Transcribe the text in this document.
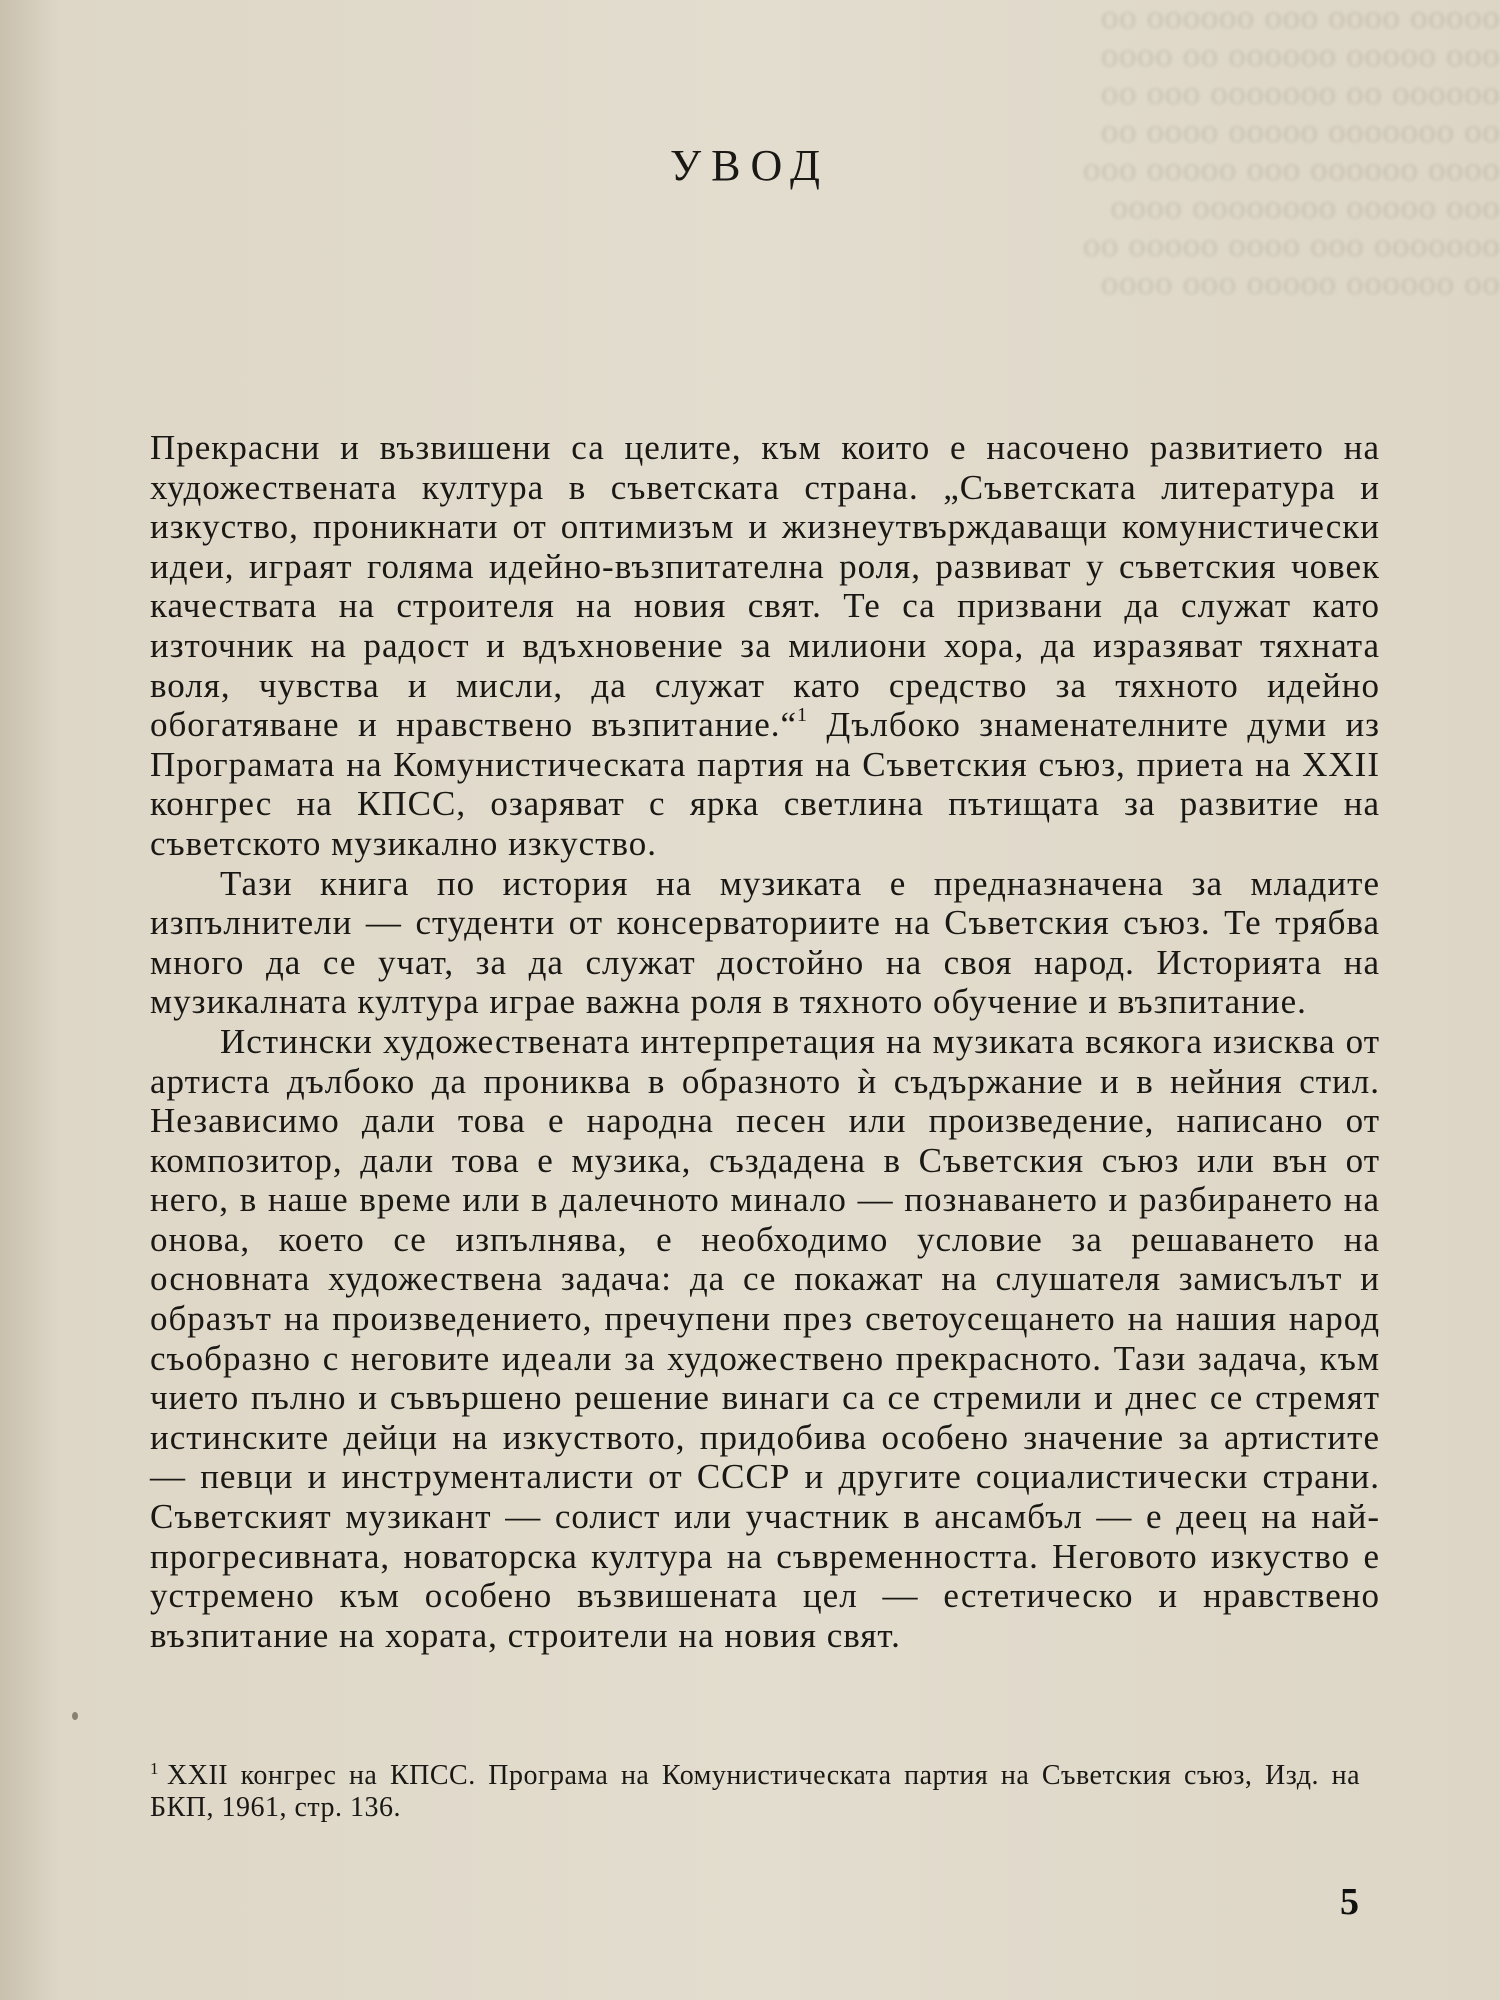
ооооо оооо ооо оооооо оо
ооо ооооо оооооо оо оооо
оооооо оо ооооооо ооо оо
оо ооооооо ооооо оооо оо
оооо оооооо ооо ооооо ооо
ооо ооооо оооооооо оооо
ооооооо ооо оооо ооооо оо
оо оооооо ооооо ооо оооо
УВОД

Прекрасни и възвишени са целите, към които е насочено развитието на художествената култура в съветската страна. „Съветската литература и изкуство, проникнати от оптимизъм и жизнеутвърждаващи комунистически идеи, играят голяма идейно-възпитателна роля, развиват у съветския човек качествата на строителя на новия свят. Те са призвани да служат като източник на радост и вдъхновение за милиони хора, да изразяват тяхната воля, чувства и мисли, да служат като средство за тяхното идейно обогатяване и нравствено възпитание.“$^1$ Дълбоко знаменателните думи из Програмата на Комунистическата партия на Съветския съюз, приета на XXII конгрес на КПСС, озаряват с ярка светлина пътищата за развитие на съветското музикално изкуство.

Тази книга по история на музиката е предназначена за младите изпълнители — студенти от консерваториите на Съветския съюз. Те трябва много да се учат, за да служат достойно на своя народ. Историята на музикалната култура играе важна роля в тяхното обучение и възпитание.

Истински художествената интерпретация на музиката всякога изисква от артиста дълбоко да прониква в образното ѝ съдържание и в нейния стил. Независимо дали това е народна песен или произведение, написано от композитор, дали това е музика, създадена в Съветския съюз или вън от него, в наше време или в далечното минало — познаването и разбирането на онова, което се изпълнява, е необходимо условие за решаването на основната художествена задача: да се покажат на слушателя замисълът и образът на произведението, пречупени през светоусещането на нашия народ съобразно с неговите идеали за художествено прекрасното. Тази задача, към чието пълно и съвършено решение винаги са се стремили и днес се стремят истинските дейци на изкуството, придобива особено значение за артистите — певци и инструменталисти от СССР и другите социалистически страни. Съветският музикант — солист или участник в ансамбъл — е деец на най-прогресивната, новаторска култура на съвременността. Неговото изкуство е устремено към особено възвишената цел — естетическо и нравствено възпитание на хората, строители на новия свят.

$^1$ XXII конгрес на КПСС. Програма на Комунистическата партия на Съветския съюз, Изд. на БКП, 1961, стр. 136.
5
